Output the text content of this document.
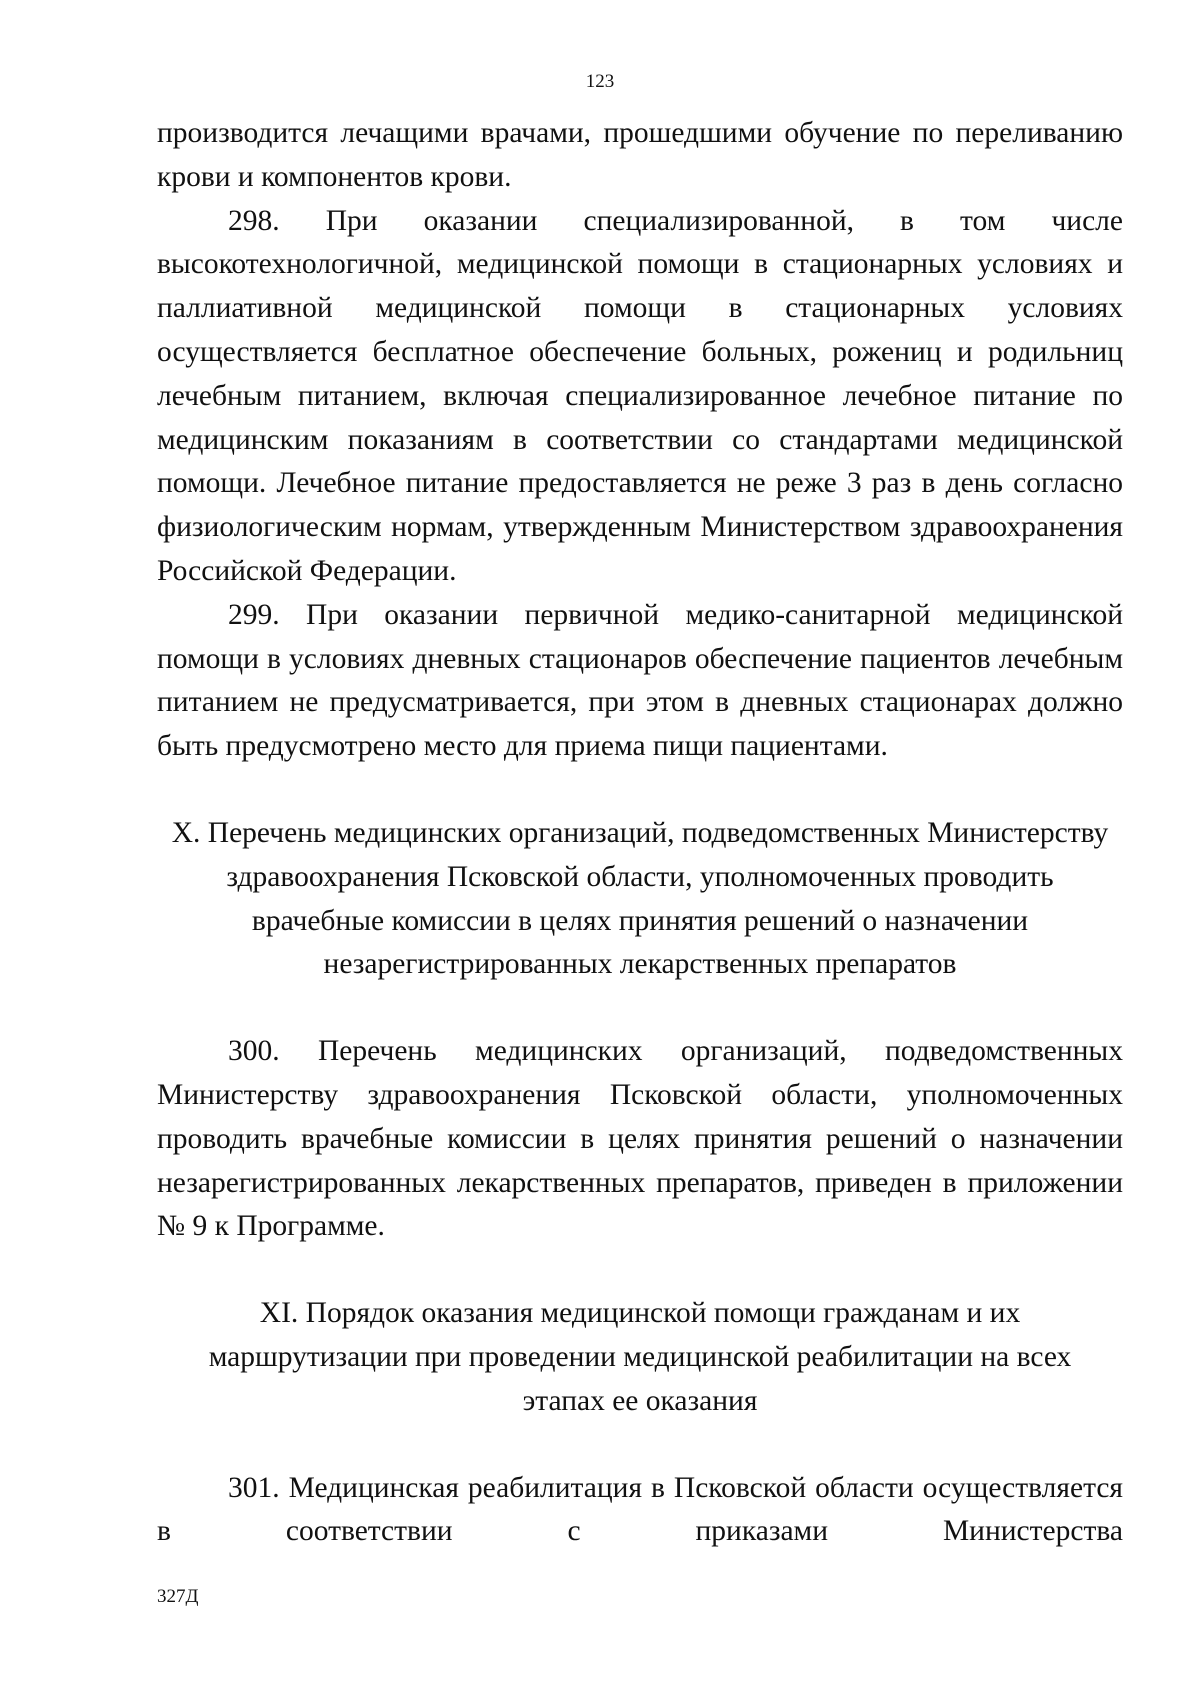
123

производится лечащими врачами, прошедшими обучение по переливанию крови и компонентов крови.

298. При оказании специализированной, в том числе высокотехнологичной, медицинской помощи в стационарных условиях и паллиативной медицинской помощи в стационарных условиях осуществляется бесплатное обеспечение больных, рожениц и родильниц лечебным питанием, включая специализированное лечебное питание по медицинским показаниям в соответствии со стандартами медицинской помощи. Лечебное питание предоставляется не реже 3 раз в день согласно физиологическим нормам, утвержденным Министерством здравоохранения Российской Федерации.

299. При оказании первичной медико-санитарной медицинской помощи в условиях дневных стационаров обеспечение пациентов лечебным питанием не предусматривается, при этом в дневных стационарах должно быть предусмотрено место для приема пищи пациентами.

X. Перечень медицинских организаций, подведомственных Министерству здравоохранения Псковской области, уполномоченных проводить врачебные комиссии в целях принятия решений о назначении незарегистрированных лекарственных препаратов

300. Перечень медицинских организаций, подведомственных Министерству здравоохранения Псковской области, уполномоченных проводить врачебные комиссии в целях принятия решений о назначении незарегистрированных лекарственных препаратов, приведен в приложении № 9 к Программе.

XI. Порядок оказания медицинской помощи гражданам и их маршрутизации при проведении медицинской реабилитации на всех этапах ее оказания

301. Медицинская реабилитация в Псковской области осуществляется в соответствии с приказами Министерства

327Д
